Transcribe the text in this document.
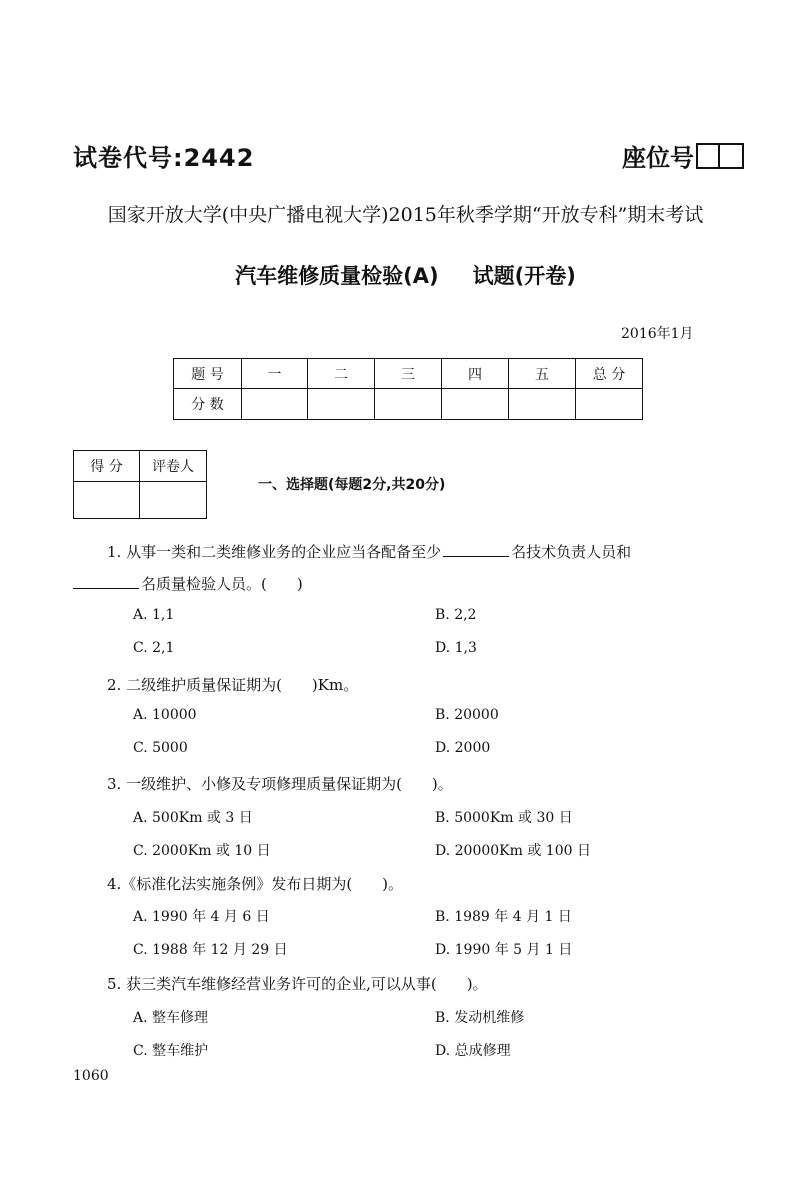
试卷代号:2442	座位号
国家开放大学(中央广播电视大学)2015年秋季学期“开放专科”期末考试
汽车维修质量检验(A) 试题(开卷)
2016年1月
题 号	一	二	三	四	五	总 分
分 数						
得 分	评卷人

一、选择题(每题2分,共20分)
1. 从事一类和二类维修业务的企业应当各配备至少	名技术负责人员和
名质量检验人员。(　　)
A. 1,1	B. 2,2
C. 2,1	D. 1,3
2. 二级维护质量保证期为(　　)Km。
A. 10000	B. 20000
C. 5000	D. 2000
3. 一级维护、小修及专项修理质量保证期为(　　)。
A. 500Km 或 3 日	B. 5000Km 或 30 日
C. 2000Km 或 10 日	D. 20000Km 或 100 日
4.《标准化法实施条例》发布日期为(　　)。
A. 1990 年 4 月 6 日	B. 1989 年 4 月 1 日
C. 1988 年 12 月 29 日	D. 1990 年 5 月 1 日
5. 获三类汽车维修经营业务许可的企业,可以从事(　　)。
A. 整车修理	B. 发动机维修
C. 整车维护	D. 总成修理
1060
